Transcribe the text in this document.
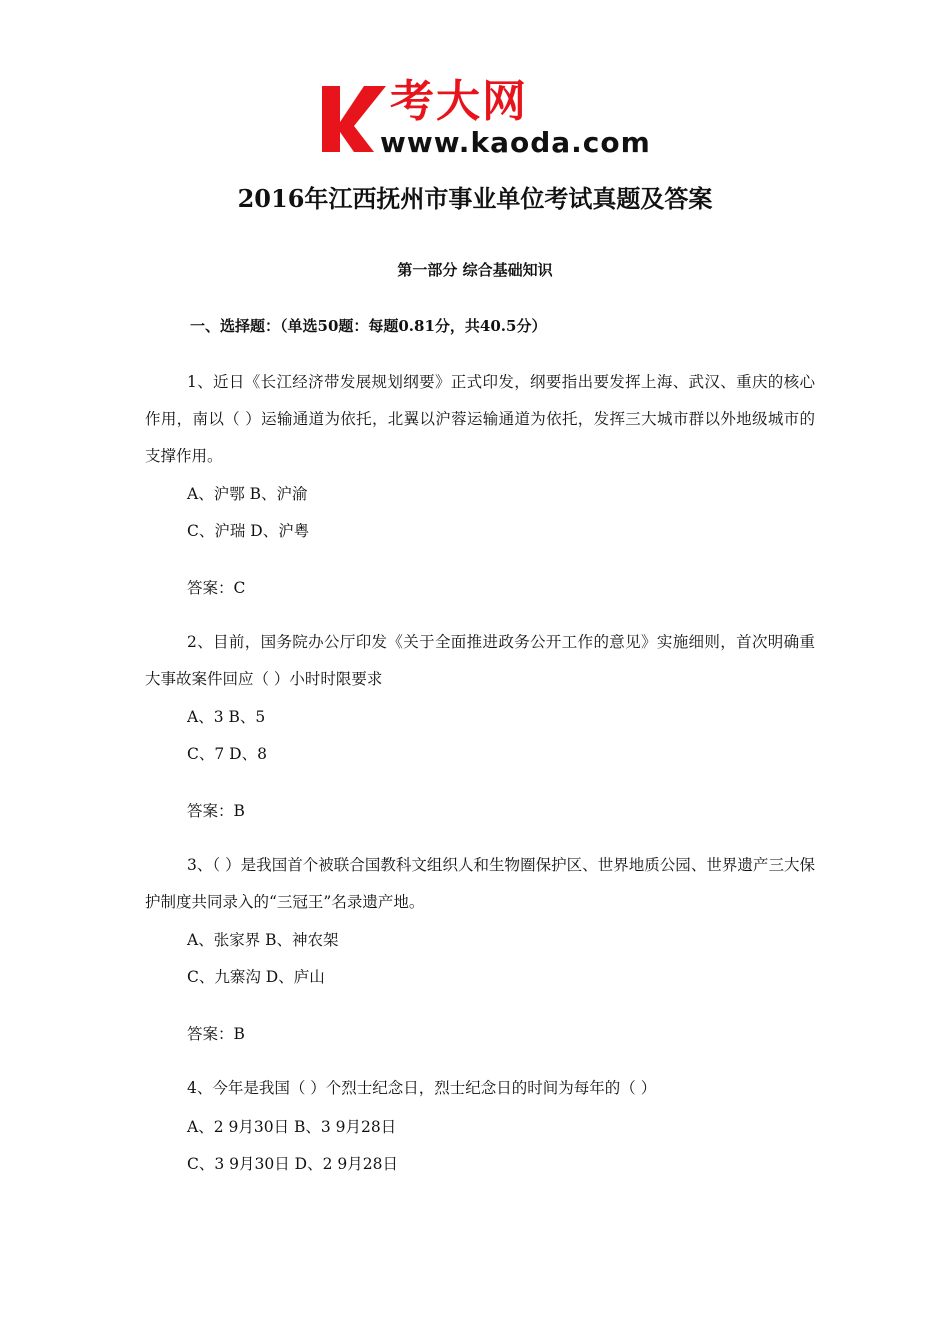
考大网
www.kaoda.com
2016年江西抚州市事业单位考试真题及答案
第一部分 综合基础知识
一、选择题：（单选50题：每题0.81分，共40.5分）
1、近日《长江经济带发展规划纲要》正式印发，纲要指出要发挥上海、武汉、重庆的核心作用，南以（ ）运输通道为依托，北翼以沪蓉运输通道为依托，发挥三大城市群以外地级城市的支撑作用。
A、沪鄂 B、沪渝
C、沪瑞 D、沪粤
答案：C
2、目前，国务院办公厅印发《关于全面推进政务公开工作的意见》实施细则，首次明确重大事故案件回应（ ）小时时限要求
A、3 B、5
C、7 D、8
答案：B
3、（ ）是我国首个被联合国教科文组织人和生物圈保护区、世界地质公园、世界遗产三大保护制度共同录入的“三冠王”名录遗产地。
A、张家界 B、神农架
C、九寨沟 D、庐山
答案：B
4、今年是我国（ ）个烈士纪念日，烈士纪念日的时间为每年的（ ）
A、2 9月30日 B、3 9月28日
C、3 9月30日 D、2 9月28日
